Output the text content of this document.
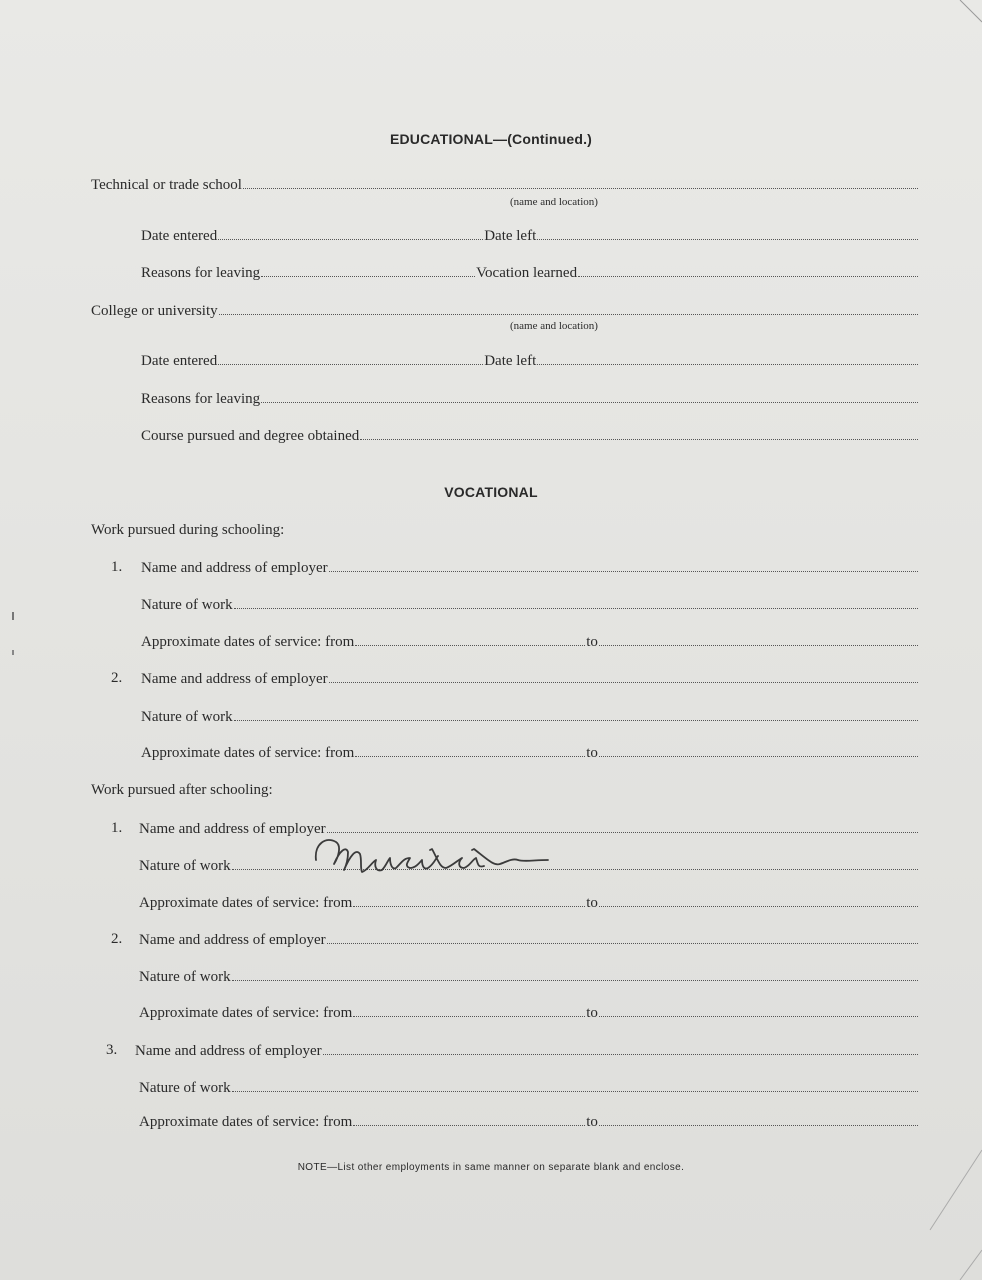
EDUCATIONAL—(Continued.)
Technical or trade school
(name and location)
Date entered	Date left
Reasons for leaving	Vocation learned
College or university
(name and location)
Date entered	Date left
Reasons for leaving
Course pursued and degree obtained
VOCATIONAL
Work pursued during schooling:
1. Name and address of employer
Nature of work
Approximate dates of service: from	to
2. Name and address of employer
Nature of work
Approximate dates of service: from	to
Work pursued after schooling:
1. Name and address of employer
Nature of work
Approximate dates of service: from	to
2. Name and address of employer
Nature of work
Approximate dates of service: from	to
3. Name and address of employer
Nature of work
Approximate dates of service: from	to
NOTE—List other employments in same manner on separate blank and enclose.
